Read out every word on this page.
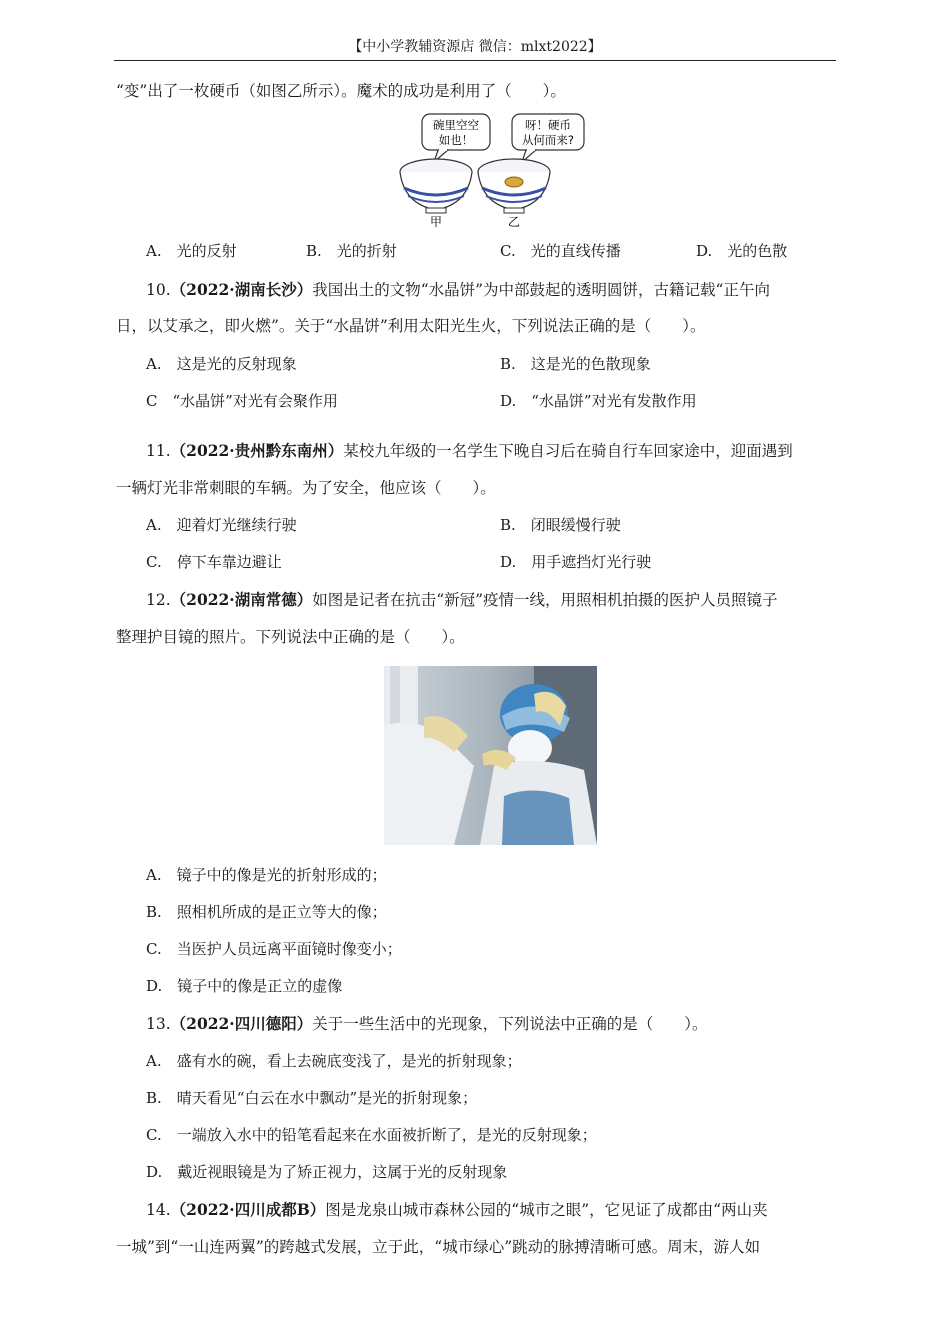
【中小学教辅资源店 微信：mlxt2022】
“变”出了一枚硬币（如图乙所示）。魔术的成功是利用了（　　）。
碗里空空
如也！
呀！硬币
从何而来?
甲	乙
A.　光的反射	B.　光的折射	C.　光的直线传播	D.　光的色散
10.（2022·湖南长沙）我国出土的文物“水晶饼”为中部鼓起的透明圆饼，古籍记载“正午向
日，以艾承之，即火燃”。关于“水晶饼”利用太阳光生火，下列说法正确的是（　　）。
A.　这是光的反射现象	B.　这是光的色散现象
C　“水晶饼”对光有会聚作用	D.　“水晶饼”对光有发散作用
11.（2022·贵州黔东南州）某校九年级的一名学生下晚自习后在骑自行车回家途中，迎面遇到
一辆灯光非常刺眼的车辆。为了安全，他应该（　　）。
A.　迎着灯光继续行驶	B.　闭眼缓慢行驶
C.　停下车靠边避让	D.　用手遮挡灯光行驶
12.（2022·湖南常德）如图是记者在抗击“新冠”疫情一线，用照相机拍摄的医护人员照镜子
整理护目镜的照片。下列说法中正确的是（　　）。
A.　镜子中的像是光的折射形成的；
B.　照相机所成的是正立等大的像；
C.　当医护人员远离平面镜时像变小；
D.　镜子中的像是正立的虚像
13.（2022·四川德阳）关于一些生活中的光现象，下列说法中正确的是（　　）。
A.　盛有水的碗，看上去碗底变浅了，是光的折射现象；
B.　晴天看见“白云在水中飘动”是光的折射现象；
C.　一端放入水中的铅笔看起来在水面被折断了，是光的反射现象；
D.　戴近视眼镜是为了矫正视力，这属于光的反射现象
14.（2022·四川成都B）图是龙泉山城市森林公园的“城市之眼”，它见证了成都由“两山夹
一城”到“一山连两翼”的跨越式发展，立于此，“城市绿心”跳动的脉搏清晰可感。周末，游人如
